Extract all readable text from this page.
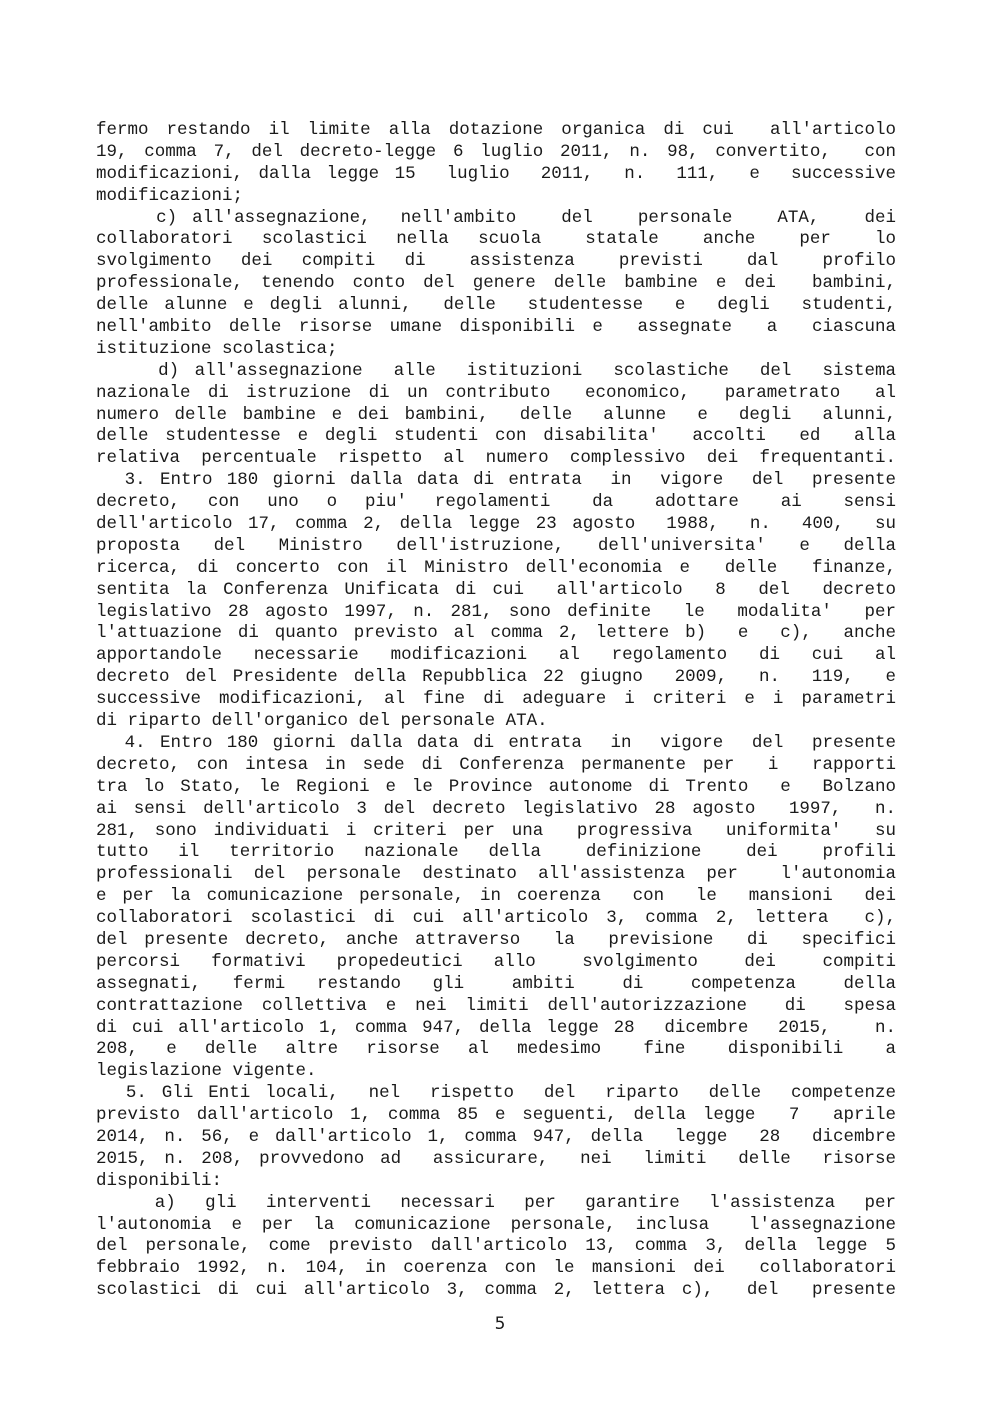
fermo restando il limite alla dotazione organica di cui  all'articolo
19, comma 7, del decreto-legge 6 luglio 2011, n. 98, convertito,  con
modificazioni, dalla legge 15  luglio  2011,  n.  111,  e  successive
modificazioni;
c) all'assegnazione,  nell'ambito   del   personale   ATA,   dei
collaboratori  scolastici  nella  scuola   statale   anche   per   lo
svolgimento  dei  compiti  di   assistenza   previsti   dal   profilo
professionale, tenendo conto del genere delle bambine e dei  bambini,
delle alunne e degli alunni,  delle  studentesse  e  degli  studenti,
nell'ambito delle risorse umane disponibili e  assegnate  a  ciascuna
istituzione scolastica;
d) all'assegnazione  alle  istituzioni  scolastiche  del  sistema
nazionale di istruzione di un contributo  economico,  parametrato  al
numero delle bambine e dei bambini,  delle  alunne  e  degli  alunni,
delle studentesse e degli studenti con disabilita'  accolti  ed  alla
relativa percentuale rispetto al numero complessivo dei frequentanti.
3. Entro 180 giorni dalla data di entrata  in  vigore  del  presente
decreto,  con  uno  o  piu'  regolamenti   da   adottare   ai   sensi
dell'articolo 17, comma 2, della legge 23 agosto  1988,  n.  400,  su
proposta  del  Ministro  dell'istruzione,  dell'universita'  e  della
ricerca, di concerto con il Ministro dell'economia e  delle  finanze,
sentita la Conferenza Unificata di cui  all'articolo  8  del  decreto
legislativo 28 agosto 1997, n. 281, sono definite  le  modalita'  per
l'attuazione di quanto previsto al comma 2, lettere b)  e  c),  anche
apportandole  necessarie  modificazioni  al  regolamento  di  cui  al
decreto del Presidente della Repubblica 22 giugno  2009,  n.  119,  e
successive modificazioni, al fine di adeguare i criteri e i parametri
di riparto dell'organico del personale ATA.
4. Entro 180 giorni dalla data di entrata  in  vigore  del  presente
decreto, con intesa in sede di Conferenza permanente per  i  rapporti
tra lo Stato, le Regioni e le Province autonome di Trento  e  Bolzano
ai sensi dell'articolo 3 del decreto legislativo 28 agosto  1997,  n.
281, sono individuati i criteri per una  progressiva  uniformita'  su
tutto  il  territorio  nazionale  della   definizione   dei   profili
professionali del personale destinato all'assistenza per  l'autonomia
e per la comunicazione personale, in coerenza  con  le  mansioni  dei
collaboratori scolastici di cui all'articolo 3, comma 2, lettera  c),
del presente decreto, anche attraverso  la  previsione  di  specifici
percorsi  formativi  propedeutici  allo   svolgimento   dei   compiti
assegnati,  fermi  restando  gli   ambiti   di   competenza   della
contrattazione collettiva e nei limiti dell'autorizzazione  di  spesa
di cui all'articolo 1, comma 947, della legge 28  dicembre  2015,   n.
208,  e  delle  altre  risorse  al  medesimo   fine   disponibili   a
legislazione vigente.
5. Gli Enti locali,  nel  rispetto  del  riparto  delle  competenze
previsto dall'articolo 1, comma 85 e seguenti, della legge  7  aprile
2014, n. 56, e dall'articolo 1, comma 947, della  legge  28  dicembre
2015, n. 208, provvedono ad  assicurare,  nei  limiti  delle  risorse
disponibili:
a)  gli  interventi  necessari  per  garantire  l'assistenza  per
l'autonomia e per la comunicazione personale, inclusa  l'assegnazione
del personale, come previsto dall'articolo 13, comma 3, della legge 5
febbraio 1992, n. 104, in coerenza con le mansioni dei  collaboratori
scolastici di cui all'articolo 3, comma 2, lettera c),  del  presente
5
